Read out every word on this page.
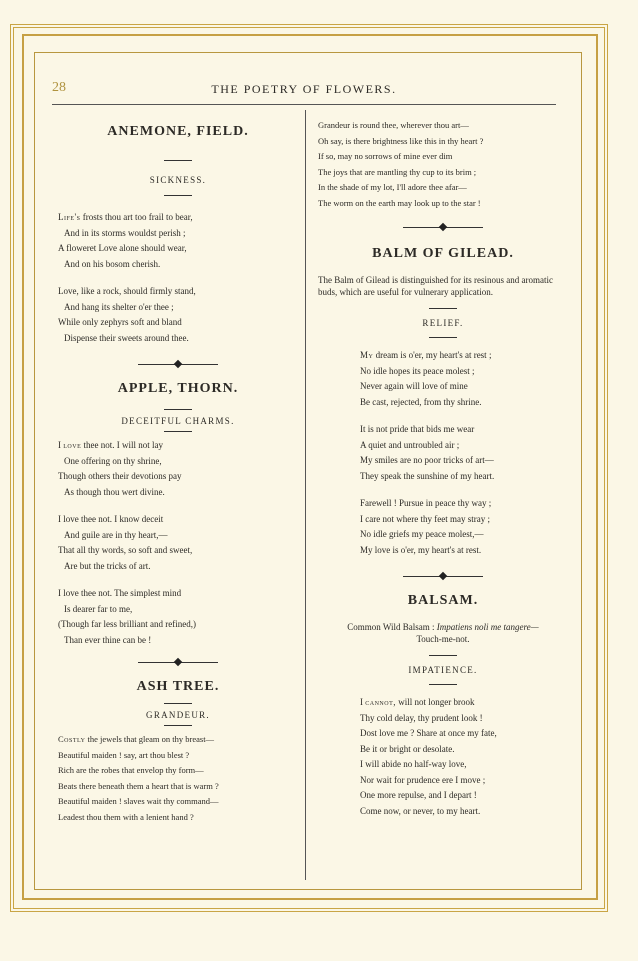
28	THE POETRY OF FLOWERS.
ANEMONE, FIELD.

SICKNESS.

Life's frosts thou art too frail to bear,
And in its storms wouldst perish ;
A floweret Love alone should wear,
And on his bosom cherish.
Love, like a rock, should firmly stand,
And hang its shelter o'er thee ;
While only zephyrs soft and bland
Dispense their sweets around thee.
APPLE, THORN.

DECEITFUL CHARMS.

I love thee not. I will not lay
One offering on thy shrine,
Though others their devotions pay
As though thou wert divine.
I love thee not. I know deceit
And guile are in thy heart,—
That all thy words, so soft and sweet,
Are but the tricks of art.
I love thee not. The simplest mind
Is dearer far to me,
(Though far less brilliant and refined,)
Than ever thine can be !
ASH TREE.

GRANDEUR.

Costly the jewels that gleam on thy breast—
Beautiful maiden ! say, art thou blest ?
Rich are the robes that envelop thy form—
Beats there beneath them a heart that is warm ?
Beautiful maiden ! slaves wait thy command—
Leadest thou them with a lenient hand ?
Grandeur is round thee, wherever thou art—
Oh say, is there brightness like this in thy heart ?
If so, may no sorrows of mine ever dim
The joys that are mantling thy cup to its brim ;
In the shade of my lot, I'll adore thee afar—
The worm on the earth may look up to the star !
BALM OF GILEAD.

The Balm of Gilead is distinguished for its resinous and aromatic buds, which are useful for vulnerary application.

RELIEF.

My dream is o'er, my heart's at rest ;
No idle hopes its peace molest ;
Never again will love of mine
Be cast, rejected, from thy shrine.
It is not pride that bids me wear
A quiet and untroubled air ;
My smiles are no poor tricks of art—
They speak the sunshine of my heart.
Farewell ! Pursue in peace thy way ;
I care not where thy feet may stray ;
No idle griefs my peace molest,—
My love is o'er, my heart's at rest.
BALSAM.

Common Wild Balsam : Impatiens noli me tangere—
Touch-me-not.

IMPATIENCE.

I cannot, will not longer brook
Thy cold delay, thy prudent look !
Dost love me ? Share at once my fate,
Be it or bright or desolate.
I will abide no half-way love,
Nor wait for prudence ere I move ;
One more repulse, and I depart !
Come now, or never, to my heart.
